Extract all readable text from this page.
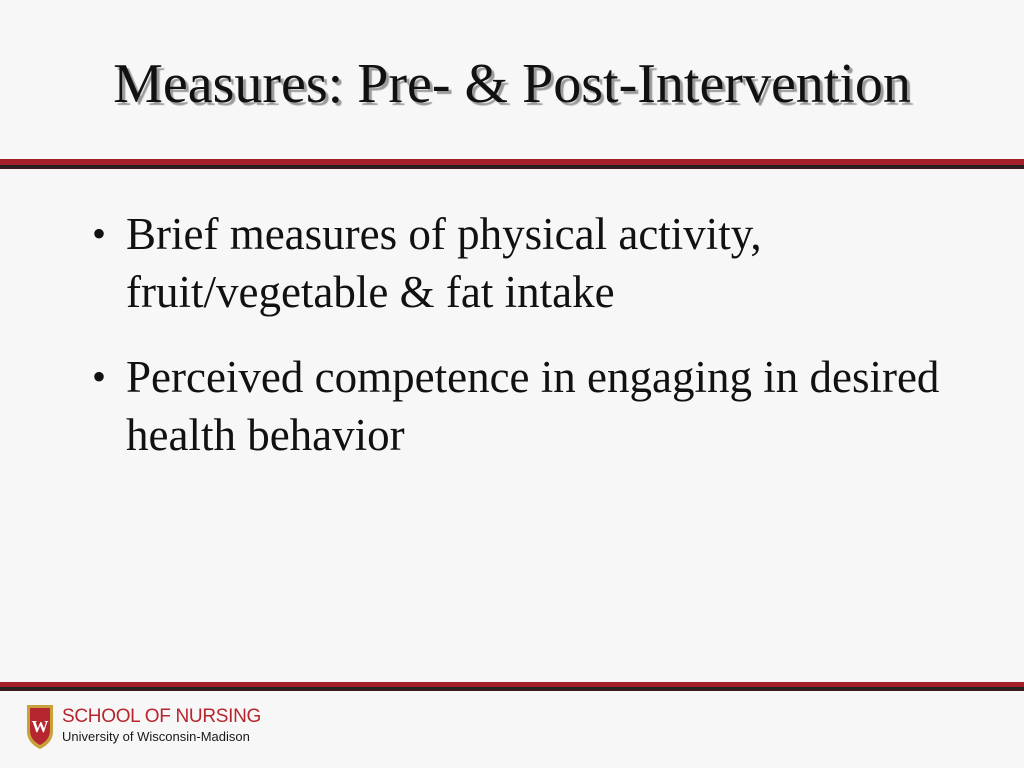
Measures: Pre- & Post-Intervention
• Brief measures of physical activity, fruit/vegetable & fat intake
• Perceived competence in engaging in desired health behavior
W SCHOOL OF NURSING
University of Wisconsin-Madison
